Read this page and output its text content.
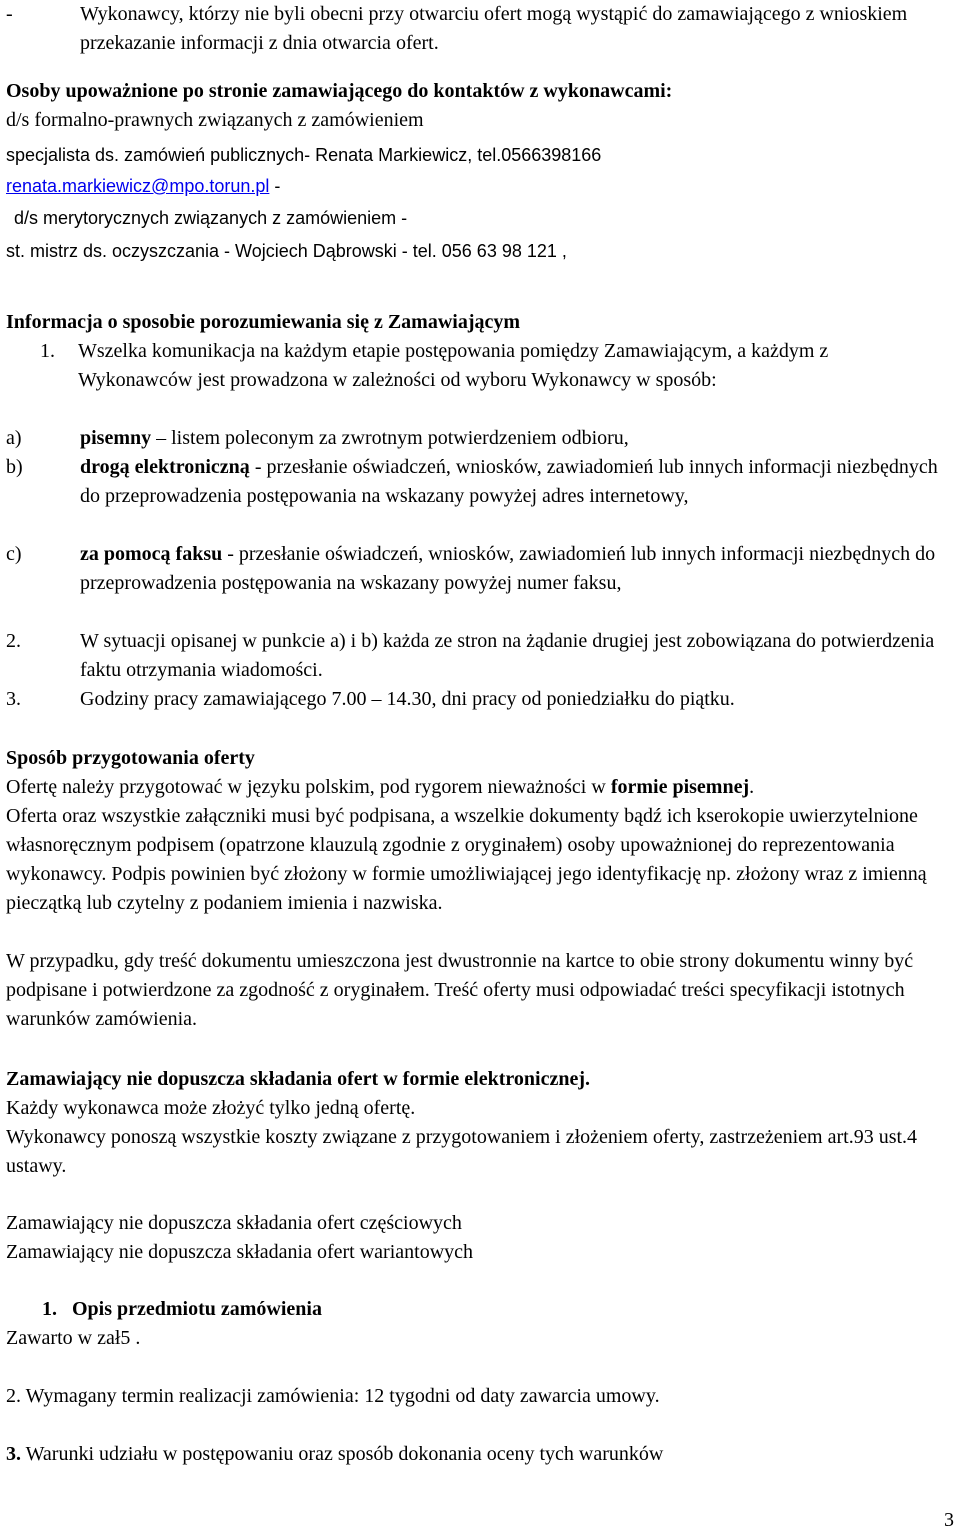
-	Wykonawcy, którzy nie byli obecni przy otwarciu ofert mogą wystąpić do zamawiającego z wnioskiem przekazanie informacji z dnia otwarcia ofert.
Osoby upoważnione po stronie zamawiającego do kontaktów z wykonawcami:
d/s formalno-prawnych związanych z zamówieniem
specjalista ds. zamówień publicznych- Renata Markiewicz, tel.0566398166
renata.markiewicz@mpo.torun.pl -
d/s merytorycznych związanych z zamówieniem -
st. mistrz ds. oczyszczania - Wojciech Dąbrowski - tel. 056 63 98 121 ,
Informacja o sposobie porozumiewania się z Zamawiającym
1.	Wszelka komunikacja na każdym etapie postępowania pomiędzy Zamawiającym, a każdym z Wykonawców jest prowadzona w zależności od wyboru Wykonawcy w sposób:
a)	pisemny – listem poleconym za zwrotnym potwierdzeniem odbioru,
b)	drogą elektroniczną - przesłanie oświadczeń, wniosków, zawiadomień lub innych informacji niezbędnych do przeprowadzenia postępowania na wskazany powyżej adres internetowy,
c)	za pomocą faksu - przesłanie oświadczeń, wniosków, zawiadomień lub innych informacji niezbędnych do przeprowadzenia postępowania na wskazany powyżej numer faksu,
2.	W sytuacji opisanej w punkcie a) i b) każda ze stron na żądanie drugiej jest zobowiązana do potwierdzenia faktu otrzymania wiadomości.
3.	Godziny pracy zamawiającego 7.00 – 14.30, dni pracy od poniedziałku do piątku.
Sposób przygotowania oferty
Ofertę należy przygotować w języku polskim, pod rygorem nieważności w formie pisemnej.
Oferta oraz wszystkie załączniki musi być podpisana, a wszelkie dokumenty bądź ich kserokopie uwierzytelnione własnoręcznym podpisem (opatrzone klauzulą zgodnie z oryginałem) osoby upoważnionej do reprezentowania wykonawcy. Podpis powinien być złożony w formie umożliwiającej jego identyfikację np. złożony wraz z imienną pieczątką lub czytelny z podaniem imienia i nazwiska.
W przypadku, gdy treść dokumentu umieszczona jest dwustronnie na kartce to obie strony dokumentu winny być podpisane i potwierdzone za zgodność z oryginałem. Treść oferty musi odpowiadać treści specyfikacji istotnych warunków zamówienia.
Zamawiający nie dopuszcza składania ofert w formie elektronicznej.
Każdy wykonawca może złożyć tylko jedną ofertę.
Wykonawcy ponoszą wszystkie koszty związane z przygotowaniem i złożeniem oferty, zastrzeżeniem art.93 ust.4 ustawy.
Zamawiający nie dopuszcza składania ofert częściowych
Zamawiający nie dopuszcza składania ofert wariantowych
1. Opis przedmiotu zamówienia
Zawarto w zał5 .
2. Wymagany termin realizacji zamówienia: 12 tygodni od daty zawarcia umowy.
3. Warunki udziału w postępowaniu oraz sposób dokonania oceny tych warunków
3
